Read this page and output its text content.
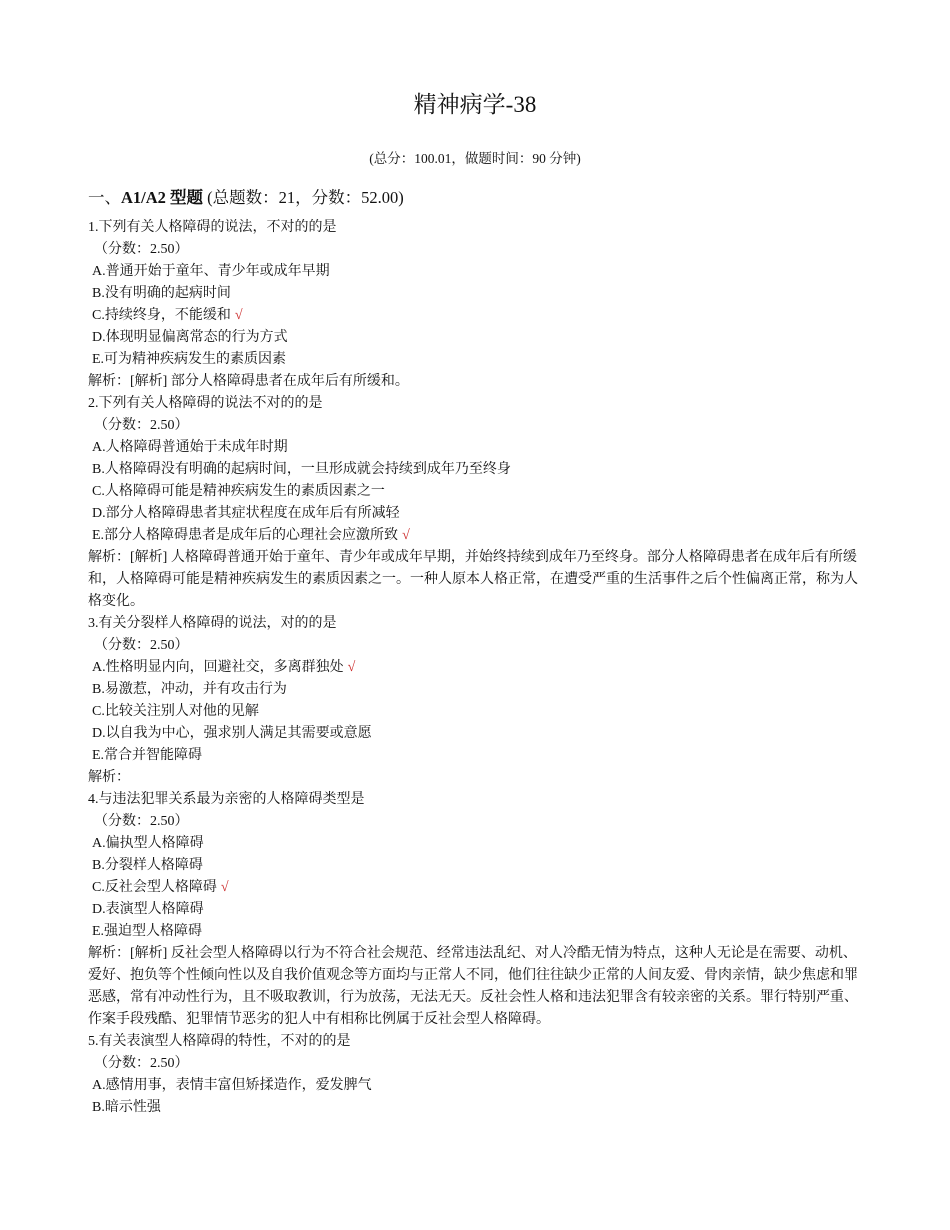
精神病学-38
(总分：100.01，做题时间：90 分钟)
一、A1/A2 型题 (总题数：21，分数：52.00)
1.下列有关人格障碍的说法，不对的的是
（分数：2.50）
A.普通开始于童年、青少年或成年早期
B.没有明确的起病时间
C.持续终身，不能缓和 √
D.体现明显偏离常态的行为方式
E.可为精神疾病发生的素质因素
解析：[解析] 部分人格障碍患者在成年后有所缓和。
2.下列有关人格障碍的说法不对的的是
（分数：2.50）
A.人格障碍普通始于未成年时期
B.人格障碍没有明确的起病时间，一旦形成就会持续到成年乃至终身
C.人格障碍可能是精神疾病发生的素质因素之一
D.部分人格障碍患者其症状程度在成年后有所减轻
E.部分人格障碍患者是成年后的心理社会应激所致 √
解析：[解析] 人格障碍普通开始于童年、青少年或成年早期，并始终持续到成年乃至终身。部分人格障碍患者在成年后有所缓和，人格障碍可能是精神疾病发生的素质因素之一。一种人原本人格正常，在遭受严重的生活事件之后个性偏离正常，称为人格变化。
3.有关分裂样人格障碍的说法，对的的是
（分数：2.50）
A.性格明显内向，回避社交，多离群独处 √
B.易激惹，冲动，并有攻击行为
C.比较关注别人对他的见解
D.以自我为中心，强求别人满足其需要或意愿
E.常合并智能障碍
解析：
4.与违法犯罪关系最为亲密的人格障碍类型是
（分数：2.50）
A.偏执型人格障碍
B.分裂样人格障碍
C.反社会型人格障碍 √
D.表演型人格障碍
E.强迫型人格障碍
解析：[解析] 反社会型人格障碍以行为不符合社会规范、经常违法乱纪、对人冷酷无情为特点，这种人无论是在需要、动机、爱好、抱负等个性倾向性以及自我价值观念等方面均与正常人不同，他们往往缺少正常的人间友爱、骨肉亲情，缺少焦虑和罪恶感，常有冲动性行为，且不吸取教训，行为放荡，无法无天。反社会性人格和违法犯罪含有较亲密的关系。罪行特别严重、作案手段残酷、犯罪情节恶劣的犯人中有相称比例属于反社会型人格障碍。
5.有关表演型人格障碍的特性，不对的的是
（分数：2.50）
A.感情用事，表情丰富但矫揉造作，爱发脾气
B.暗示性强
